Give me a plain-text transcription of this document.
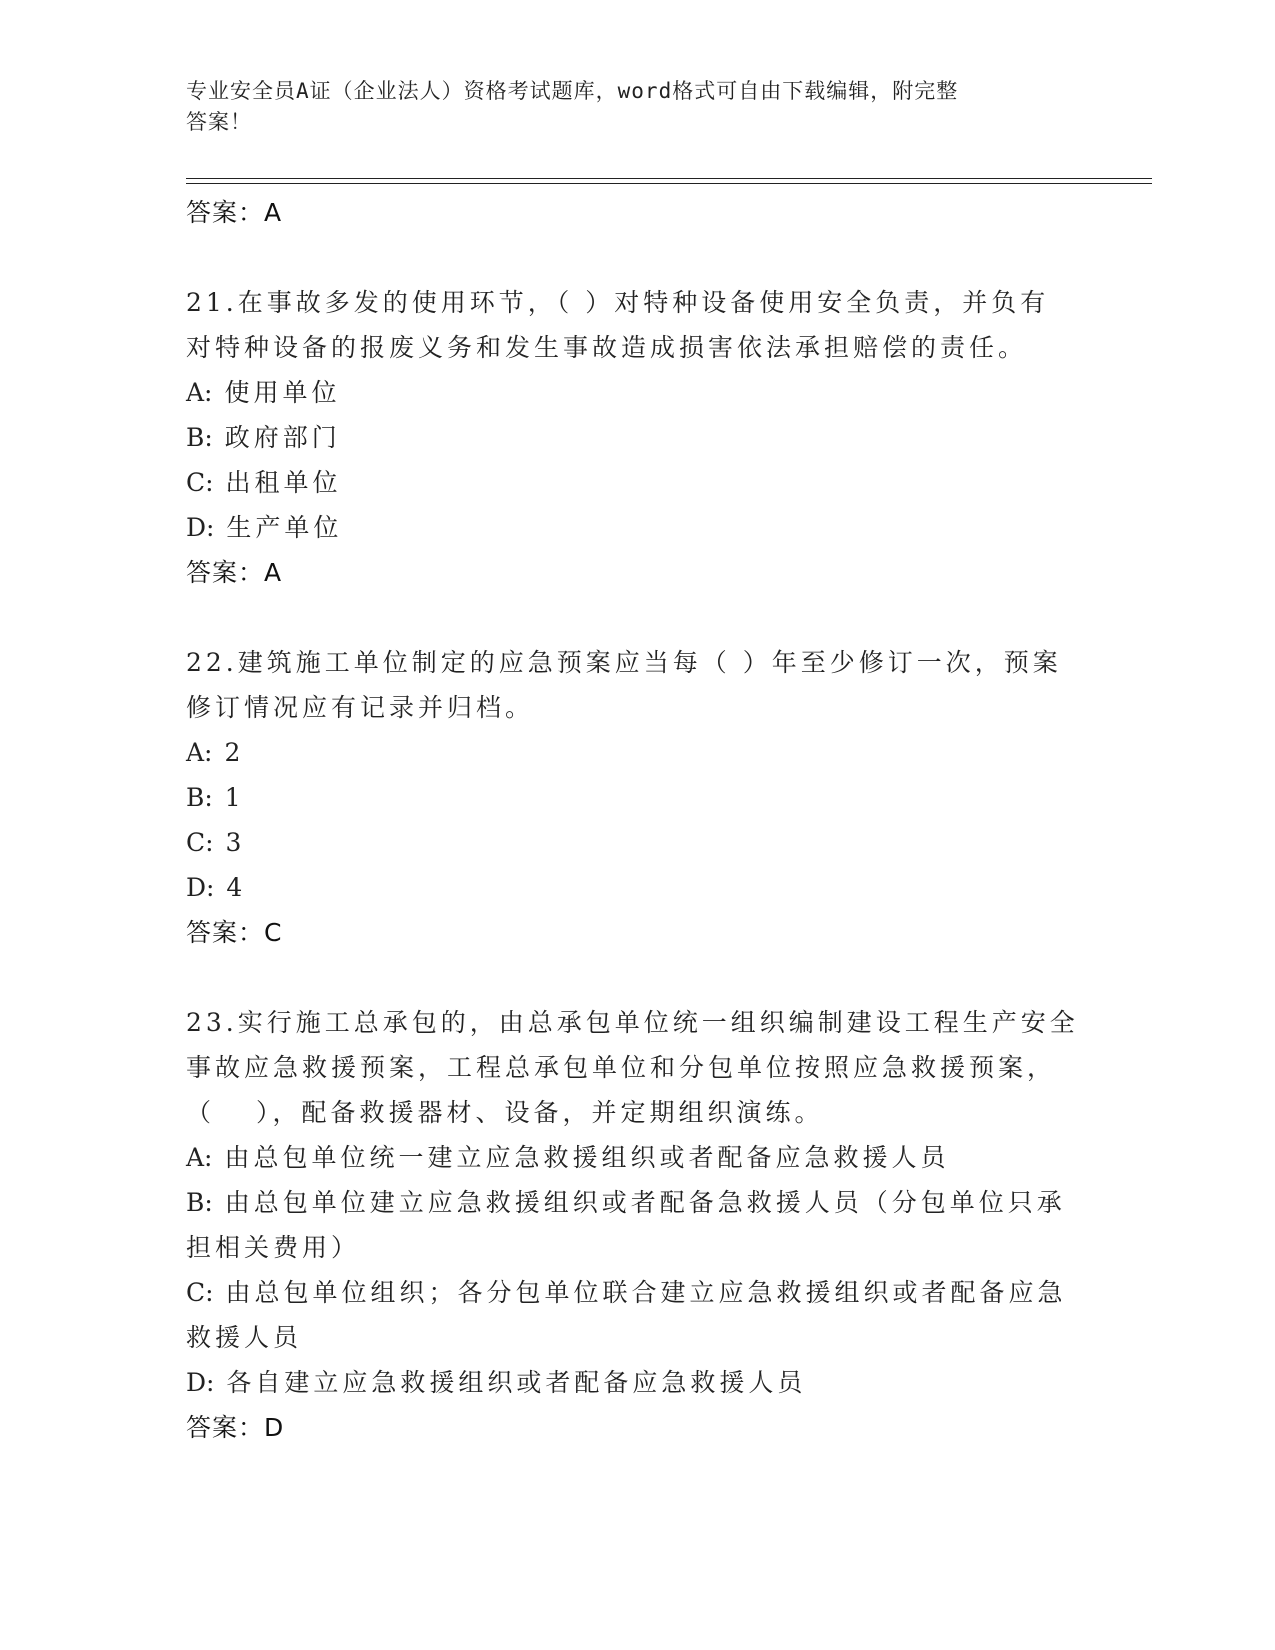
专业安全员A证（企业法人）资格考试题库，word格式可自由下载编辑，附完整
答案！
答案：A
21.在事故多发的使用环节，（ ）对特种设备使用安全负责，并负有
对特种设备的报废义务和发生事故造成损害依法承担赔偿的责任。
A: 使用单位
B: 政府部门
C: 出租单位
D: 生产单位
答案：A
22.建筑施工单位制定的应急预案应当每（ ）年至少修订一次，预案
修订情况应有记录并归档。
A: 2
B: 1
C: 3
D: 4
答案：C
23.实行施工总承包的，由总承包单位统一组织编制建设工程生产安全
事故应急救援预案，工程总承包单位和分包单位按照应急救援预案，
（　 ），配备救援器材、设备，并定期组织演练。
A: 由总包单位统一建立应急救援组织或者配备应急救援人员
B: 由总包单位建立应急救援组织或者配备急救援人员（分包单位只承
担相关费用）
C: 由总包单位组织；各分包单位联合建立应急救援组织或者配备应急
救援人员
D: 各自建立应急救援组织或者配备应急救援人员
答案：D
